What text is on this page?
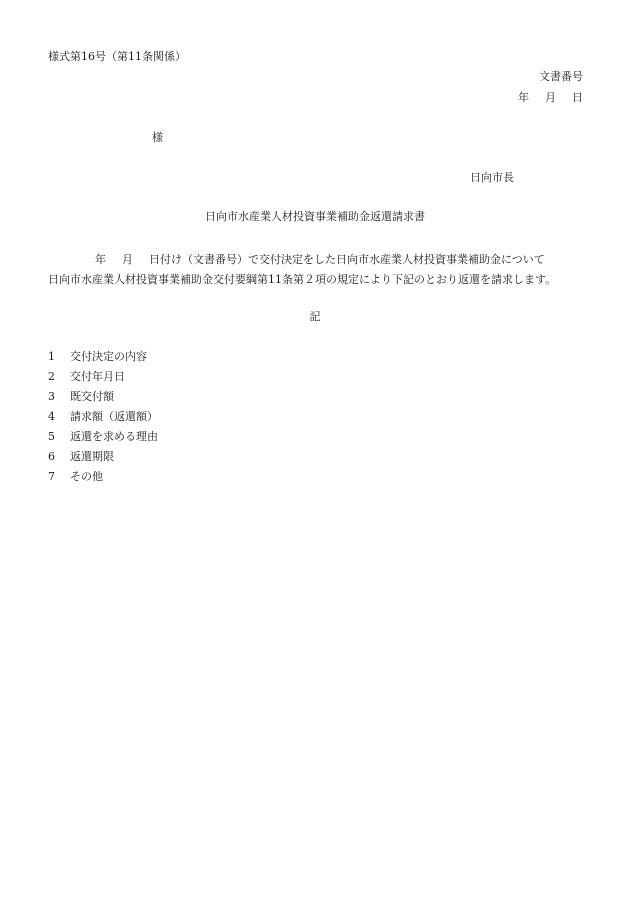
様式第16号（第11条関係）
文書番号
年 月 日
様
日向市長
日向市水産業人材投資事業補助金返還請求書
年 月 日付け（文書番号）で交付決定をした日向市水産業人材投資事業補助金について
日向市水産業人材投資事業補助金交付要綱第11条第２項の規定により下記のとおり返還を請求します。
記
1	交付決定の内容
2	交付年月日
3	既交付額
4	請求額（返還額）
5	返還を求める理由
6	返還期限
7	その他
